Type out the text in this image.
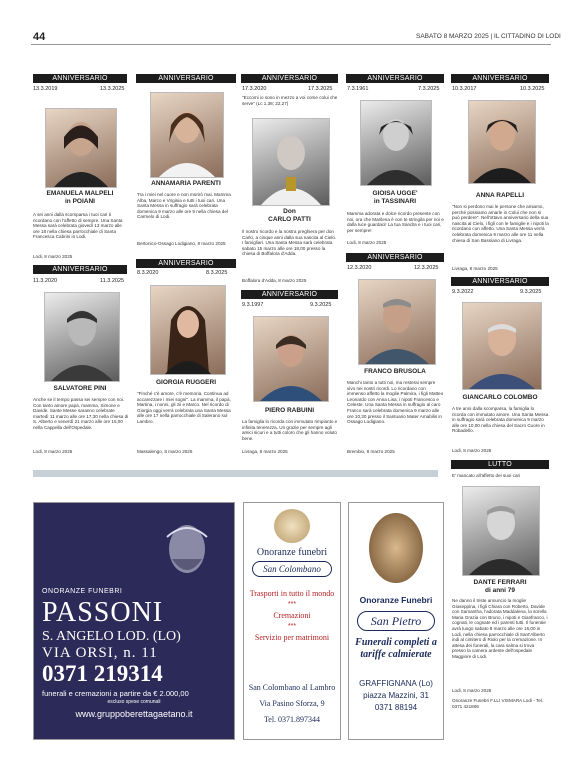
44	SABATO 8 MARZO 2025 | IL CITTADINO DI LODI
ANNIVERSARIO
13.3.2019	13.3.2025
EMANUELA MALPELI
in POIANI
A sei anni dalla scomparsa i tuoi cari ti ricordano con l'affetto di sempre. Una Santa Messa sarà celebrata giovedì 13 marzo alle ore 18 nella chiesa parrocchiale di Santa Francesca Cabrini in Lodi.
Lodi, 8 marzo 2025
ANNIVERSARIO
11.3.2020	11.3.2025
SALVATORE PINI
Anche se il tempo passa sei sempre con noi. Con tanto amore papà, mamma, Simone e Davide. Sante Messe saranno celebrate martedì 11 marzo alle ore 17,30 nella chiesa di S. Alberto e venerdì 21 marzo alle ore 15,00 nella Cappella dell'Ospedale.
Lodi, 8 marzo 2025
ANNIVERSARIO
ANNAMARIA PARENTI
Tra i miei nel cuore e non morirò mai. Mamma Alba, Marco e Virginia e tutti i tuoi cari. Una Santa Messa in suffragio sarà celebrata domenica 9 marzo alle ore 9 nella chiesa del Carmelo di Lodi.
Bertonico-Ossago Lodigiano, 8 marzo 2025
ANNIVERSARIO
8.3.2020	8.3.2025
GIORGIA RUGGERI
"Finché c'è amore, c'è memoria. Continua ad accarezzare i miei sogni". La mamma, il papà, Martina, i nonni, gli zii e Marco. Nel ricordo di Giorgia oggi verrà celebrata una Santa Messa alle ore 17 nella parrocchiale di Salerano sul Lambro.
Massalengo, 8 marzo 2025
ANNIVERSARIO
17.3.2020	17.3.2025
"Eccomi io sono in mezzo a voi come colui che serve" (Lc 1,38; 22,27)
Don
CARLO PATTI
Il nostro ricordo e la nostra preghiera per don Carlo, a cinque anni dalla sua nascita al Cielo. I famigliari. Una Santa Messa sarà celebrata sabato 15 marzo alle ore 18,00 presso la chiesa di Boffalora d'Adda.
Boffalora d'Adda, 8 marzo 2025
ANNIVERSARIO
9.3.1997	9.3.2025
PIERO RABUINI
La famiglia lo ricorda con immutato rimpianto e infinita tenerezza. Un grazie per sempre agli amici sicuri e a tutti coloro che gli hanno voluto bene.
Livraga, 8 marzo 2025
ANNIVERSARIO
7.3.1961	7.3.2025
GIOISA UGGE'
in TASSINARI
Mamma adorata e dolce ricordo presente con noi, ora che Marilena è con te stringila per noi e dalla luce guardaci! La tua Sandra e i tuoi cari, per sempre!
Lodi, 8 marzo 2025
ANNIVERSARIO
12.3.2020	12.3.2025
FRANCO BRUSOLA
Manchi tanto a tutti noi, ma resterai sempre vivo nei nostri ricordi. Lo ricordano con immenso affetto la moglie Palmira, i figli Matteo Leonardo con Anna Lisa, i nipoti Francesco e Celeste. Una Santa Messa in suffragio al caro Franco sarà celebrata domenica 9 marzo alle ore 10,30 presso il Santuario Mater Amabilis in Ossago Lodigiano.
Brembio, 8 marzo 2025
ANNIVERSARIO
10.3.2017	10.3.2025
ANNA RAPELLI
"Non si perdono mai le persone che amiamo, perché possiamo amarle in Colui che non si può perdere". Nell'ottavo anniversario della sua nascita al Cielo, i figli con le famiglie e i nipoti la ricordano con affetto. Una Santa Messa verrà celebrata domenica 9 marzo alle ore 11 nella chiesa di San Bassiano di Livraga.
Livraga, 8 marzo 2025
ANNIVERSARIO
9.3.2022	9.3.2025
GIANCARLO COLOMBO
A tre anni dalla scomparsa, la famiglia lo ricorda con immutato amore. Una Santa Messa in suffragio sarà celebrata domenica 9 marzo alle ore 10,00 nella chiesa del Sacro Cuore in Robadello.
Lodi, 8 marzo 2025
LUTTO
E' mancato all'affetto dei suoi cari
DANTE FERRARI
di anni 79
Ne danno il triste annuncio la moglie Giuseppina, i figli Chiara con Roberto, Davide con Samantha, l'adorata Maddalena, la sorella Maria Grazia con Bruno, i nipoti e Gianfranco, i cognati, le cognate ed i parenti tutti. Il funerale avrà luogo sabato 8 marzo alle ore 15,00 in Lodi, nella chiesa parrocchiale di Sant'Alberto indi al cimitero di Riolo per la cremazione. In attesa dei funerali, la cara salma si trova presso la camera ardente dell'ospedale Maggiore di Lodi.
Lodi, 8 marzo 2025
Onoranze Funebri F.LLI VISMARA Lodi - Tel. 0371 421806
ONORANZE FUNEBRI
PASSONI
S. ANGELO LOD. (LO)
VIA ORSI, n. 11
0371 219314
funerali e cremazioni a partire da € 2.000,00
escluso spese comunali
www.gruppoberettagaetano.it
Onoranze funebri
San Colombano
Trasporti in tutto il mondo
***
Cremazioni
***
Servizio per matrimoni
San Colombano al Lambro
Via Pasino Sforza, 9
Tel. 0371.897344
Onoranze Funebri
San Pietro
Funerali completi a tariffe calmierate
GRAFFIGNANA (Lo)
piazza Mazzini, 31
0371 88194
